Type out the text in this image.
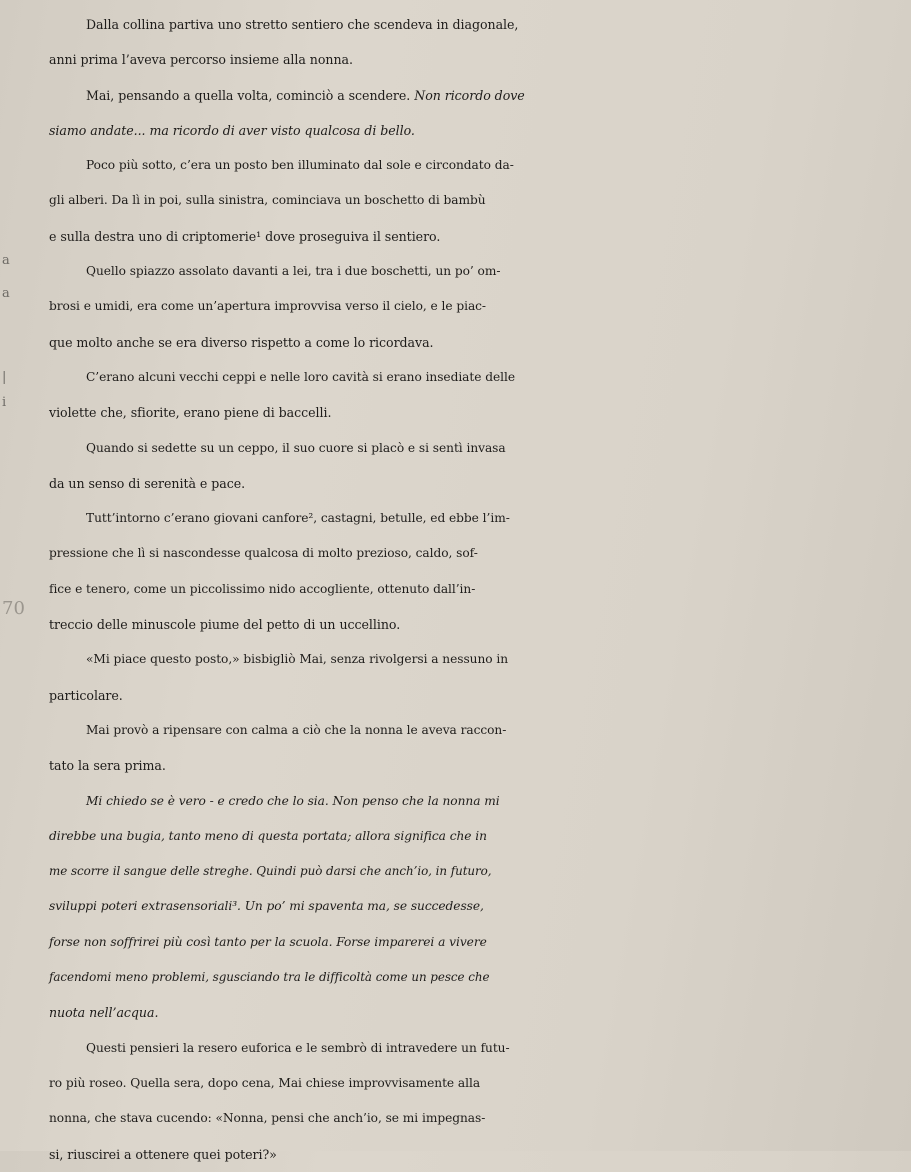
a
a
|
i
70
Dalla collina partiva uno stretto sentiero che scendeva in diagonale,
anni prima l’aveva percorso insieme alla nonna.
Mai, pensando a quella volta, cominciò a scendere. Non ricordo dove
siamo andate... ma ricordo di aver visto qualcosa di bello.
Poco più sotto, c’era un posto ben illuminato dal sole e circondato da-
gli alberi. Da lì in poi, sulla sinistra, cominciava un boschetto di bambù
e sulla destra uno di criptomerie¹ dove proseguiva il sentiero.
Quello spiazzo assolato davanti a lei, tra i due boschetti, un po’ om-
brosi e umidi, era come un’apertura improvvisa verso il cielo, e le piac-
que molto anche se era diverso rispetto a come lo ricordava.
C’erano alcuni vecchi ceppi e nelle loro cavità si erano insediate delle
violette che, sfiorite, erano piene di baccelli.
Quando si sedette su un ceppo, il suo cuore si placò e si sentì invasa
da un senso di serenità e pace.
Tutt’intorno c’erano giovani canfore², castagni, betulle, ed ebbe l’im-
pressione che lì si nascondesse qualcosa di molto prezioso, caldo, sof-
fice e tenero, come un piccolissimo nido accogliente, ottenuto dall’in-
treccio delle minuscole piume del petto di un uccellino.
«Mi piace questo posto,» bisbigliò Mai, senza rivolgersi a nessuno in
particolare.
Mai provò a ripensare con calma a ciò che la nonna le aveva raccon-
tato la sera prima.
Mi chiedo se è vero - e credo che lo sia. Non penso che la nonna mi
direbbe una bugia, tanto meno di questa portata; allora significa che in
me scorre il sangue delle streghe. Quindi può darsi che anch’io, in futuro,
sviluppi poteri extrasensoriali³. Un po’ mi spaventa ma, se succedesse,
forse non soffrirei più così tanto per la scuola. Forse imparerei a vivere
facendomi meno problemi, sgusciando tra le difficoltà come un pesce che
nuota nell’acqua.
Questi pensieri la resero euforica e le sembrò di intravedere un futu-
ro più roseo. Quella sera, dopo cena, Mai chiese improvvisamente alla
nonna, che stava cucendo: «Nonna, pensi che anch’io, se mi impegnas-
si, riuscirei a ottenere quei poteri?»
